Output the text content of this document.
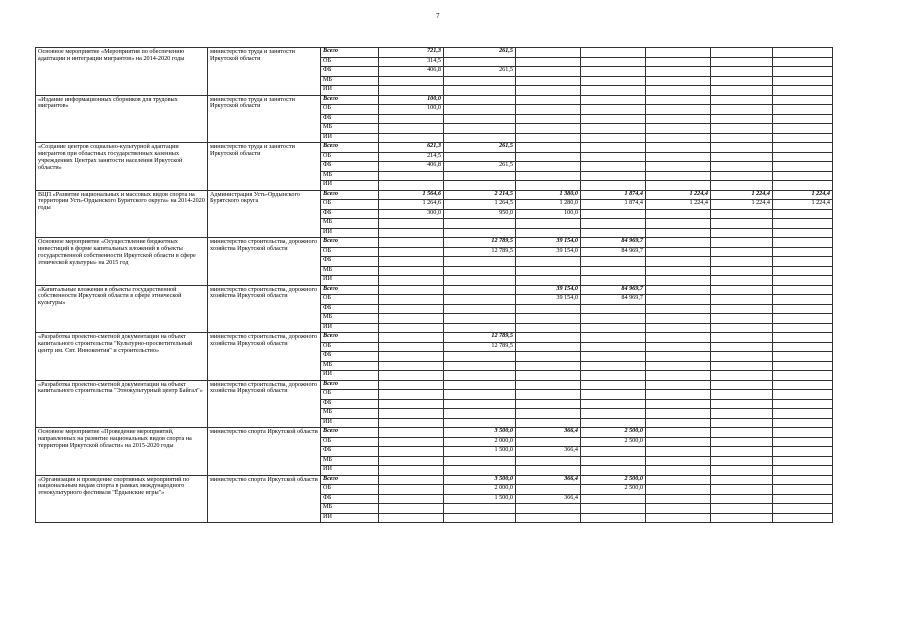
7
Основное мероприятие «Мероприятия по обеспечению адаптации и интеграции мигрантов» на 2014-2020 годы	министерство труда и занятости Иркутской области	Всего	721,3	261,5					
		ОБ	314,5						
		ФБ	406,8	261,5					
		МБ							
		ИИ							
«Издание информационных сборников для трудовых мигрантов»	министерство труда и занятости Иркутской области	Всего	100,0						
		ОБ	100,0						
		ФБ							
		МБ							
		ИИ							
«Создание центров социально-культурной адаптации мигрантов при областных государственных казенных учреждениях Центрах занятости населения Иркутской области»	министерство труда и занятости Иркутской области	Всего	621,3	261,5					
		ОБ	214,5						
		ФБ	406,8	261,5					
		МБ							
		ИИ							
ВЦП «Развитие национальных и массовых видов спорта на территории Усть-Ордынского Бурятского округа» на 2014-2020 годы	Администрация Усть-Ордынского Бурятского округа	Всего	1 564,6	2 214,5	1 380,0	1 874,4	1 224,4	1 224,4	1 224,4
		ОБ	1 264,6	1 264,5	1 280,0	1 874,4	1 224,4	1 224,4	1 224,4
		ФБ	300,0	950,0	100,0				
		МБ							
		ИИ							
Основное мероприятие «Осуществление бюджетных инвестиций в форме капитальных вложений в объекты государственной собственности Иркутской области в сфере этнической культуры» на 2015 год	министерство строительства, дорожного хозяйства Иркутской области	Всего		12 789,5	39 154,0	84 969,7			
		ОБ		12 789,5	39 154,0	84 969,7			
		ФБ							
		МБ							
		ИИ							
«Капитальные вложения в объекты государственной собственности Иркутской области в сфере этнической культуры»	министерство строительства, дорожного хозяйства Иркутской области	Всего			39 154,0	84 969,7			
		ОБ			39 154,0	84 969,7			
		ФБ							
		МБ							
		ИИ							
«Разработка проектно-сметной документации на объект капитального строительства "Культурно-просветительный центр им. Свт. Иннокентия" и строительство»	министерство строительства, дорожного хозяйства Иркутской области	Всего		12 789,5					
		ОБ		12 789,5					
		ФБ							
		МБ							
		ИИ							
«Разработка проектно-сметной документации на объект капитального строительства "Этнокультурный центр Байгал"»	министерство строительства, дорожного хозяйства Иркутской области	Всего							
		ОБ							
		ФБ							
		МБ							
		ИИ							
Основное мероприятие «Проведение мероприятий, направленных на развитие национальных видов спорта на территории Иркутской области» на 2015-2020 годы	министерство спорта Иркутской области	Всего		3 500,0	366,4	2 500,0			
		ОБ		2 000,0		2 500,0			
		ФБ		1 500,0	366,4				
		МБ							
		ИИ							
«Организация и проведение спортивных мероприятий по национальным видам спорта в рамках международного этнокультурного фестиваля "Ёрдынские игры"»	министерство спорта Иркутской области	Всего		3 500,0	366,4	2 500,0			
		ОБ		2 000,0		2 500,0			
		ФБ		1 500,0	366,4				
		МБ							
		ИИ							
